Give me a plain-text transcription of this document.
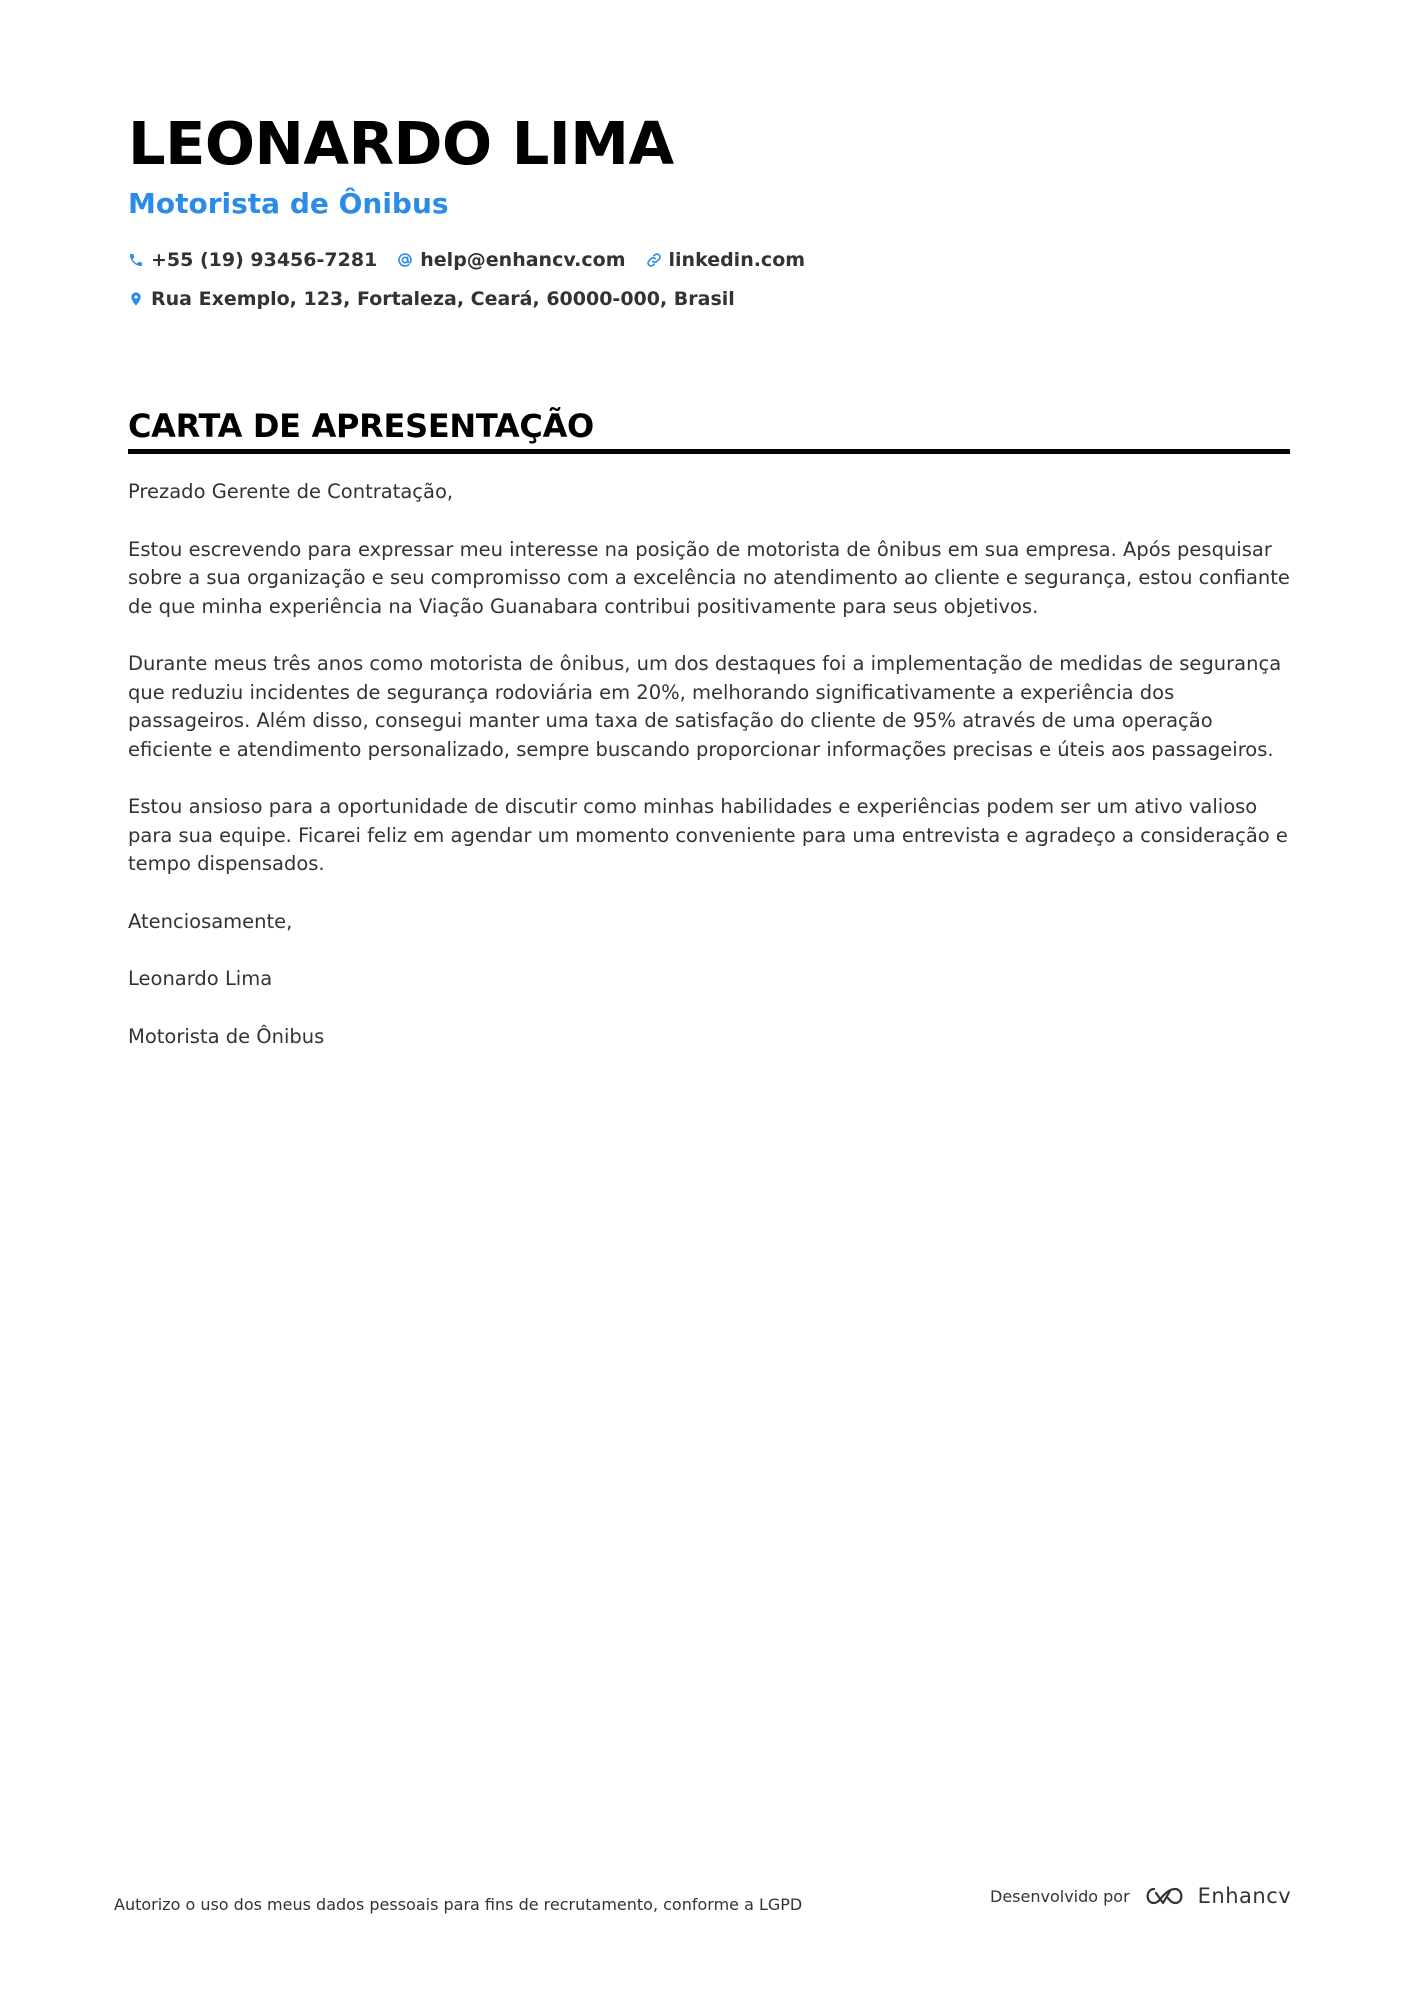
LEONARDO LIMA
Motorista de Ônibus
+55 (19) 93456-7281 help@enhancv.com linkedin.com
Rua Exemplo, 123, Fortaleza, Ceará, 60000-000, Brasil
CARTA DE APRESENTAÇÃO

Prezado Gerente de Contratação,

Estou escrevendo para expressar meu interesse na posição de motorista de ônibus em sua empresa. Após pesquisar sobre a sua organização e seu compromisso com a excelência no atendimento ao cliente e segurança, estou confiante de que minha experiência na Viação Guanabara contribui positivamente para seus objetivos.

Durante meus três anos como motorista de ônibus, um dos destaques foi a implementação de medidas de segurança que reduziu incidentes de segurança rodoviária em 20%, melhorando significativamente a experiência dos passageiros. Além disso, consegui manter uma taxa de satisfação do cliente de 95% através de uma operação eficiente e atendimento personalizado, sempre buscando proporcionar informações precisas e úteis aos passageiros.

Estou ansioso para a oportunidade de discutir como minhas habilidades e experiências podem ser um ativo valioso para sua equipe. Ficarei feliz em agendar um momento conveniente para uma entrevista e agradeço a consideração e tempo dispensados.

Atenciosamente,

Leonardo Lima

Motorista de Ônibus

Autorizo o uso dos meus dados pessoais para fins de recrutamento, conforme a LGPD	Desenvolvido por	Enhancv
